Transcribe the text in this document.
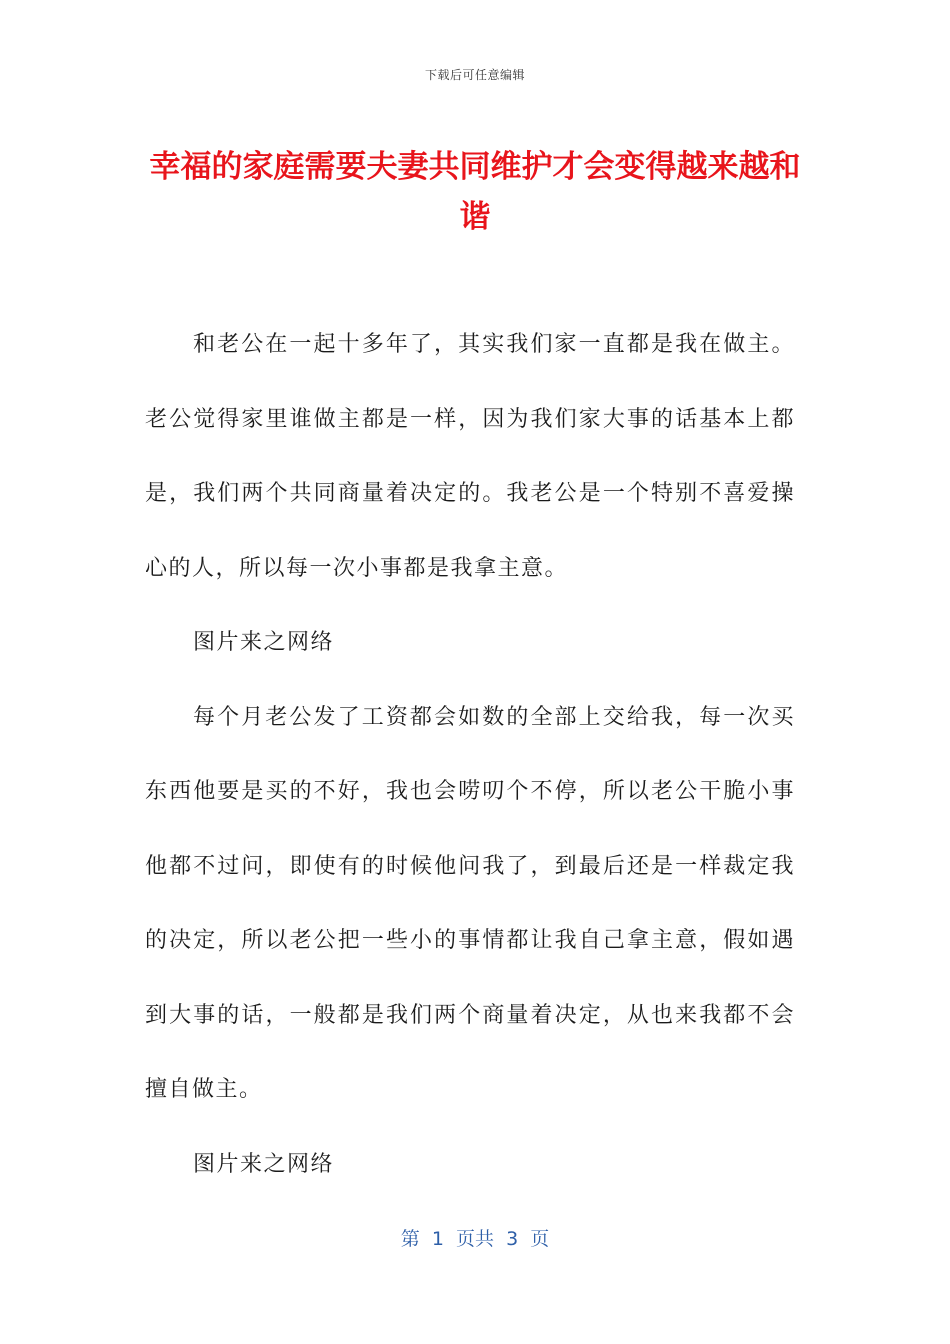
下载后可任意编辑
幸福的家庭需要夫妻共同维护才会变得越来越和谐

和老公在一起十多年了，其实我们家一直都是我在做主。老公觉得家里谁做主都是一样，因为我们家大事的话基本上都是，我们两个共同商量着决定的。我老公是一个特别不喜爱操心的人，所以每一次小事都是我拿主意。

图片来之网络

每个月老公发了工资都会如数的全部上交给我，每一次买东西他要是买的不好，我也会唠叨个不停，所以老公干脆小事他都不过问，即使有的时候他问我了，到最后还是一样裁定我的决定，所以老公把一些小的事情都让我自己拿主意，假如遇到大事的话，一般都是我们两个商量着决定，从也来我都不会擅自做主。

图片来之网络

第  1  页共  3  页
